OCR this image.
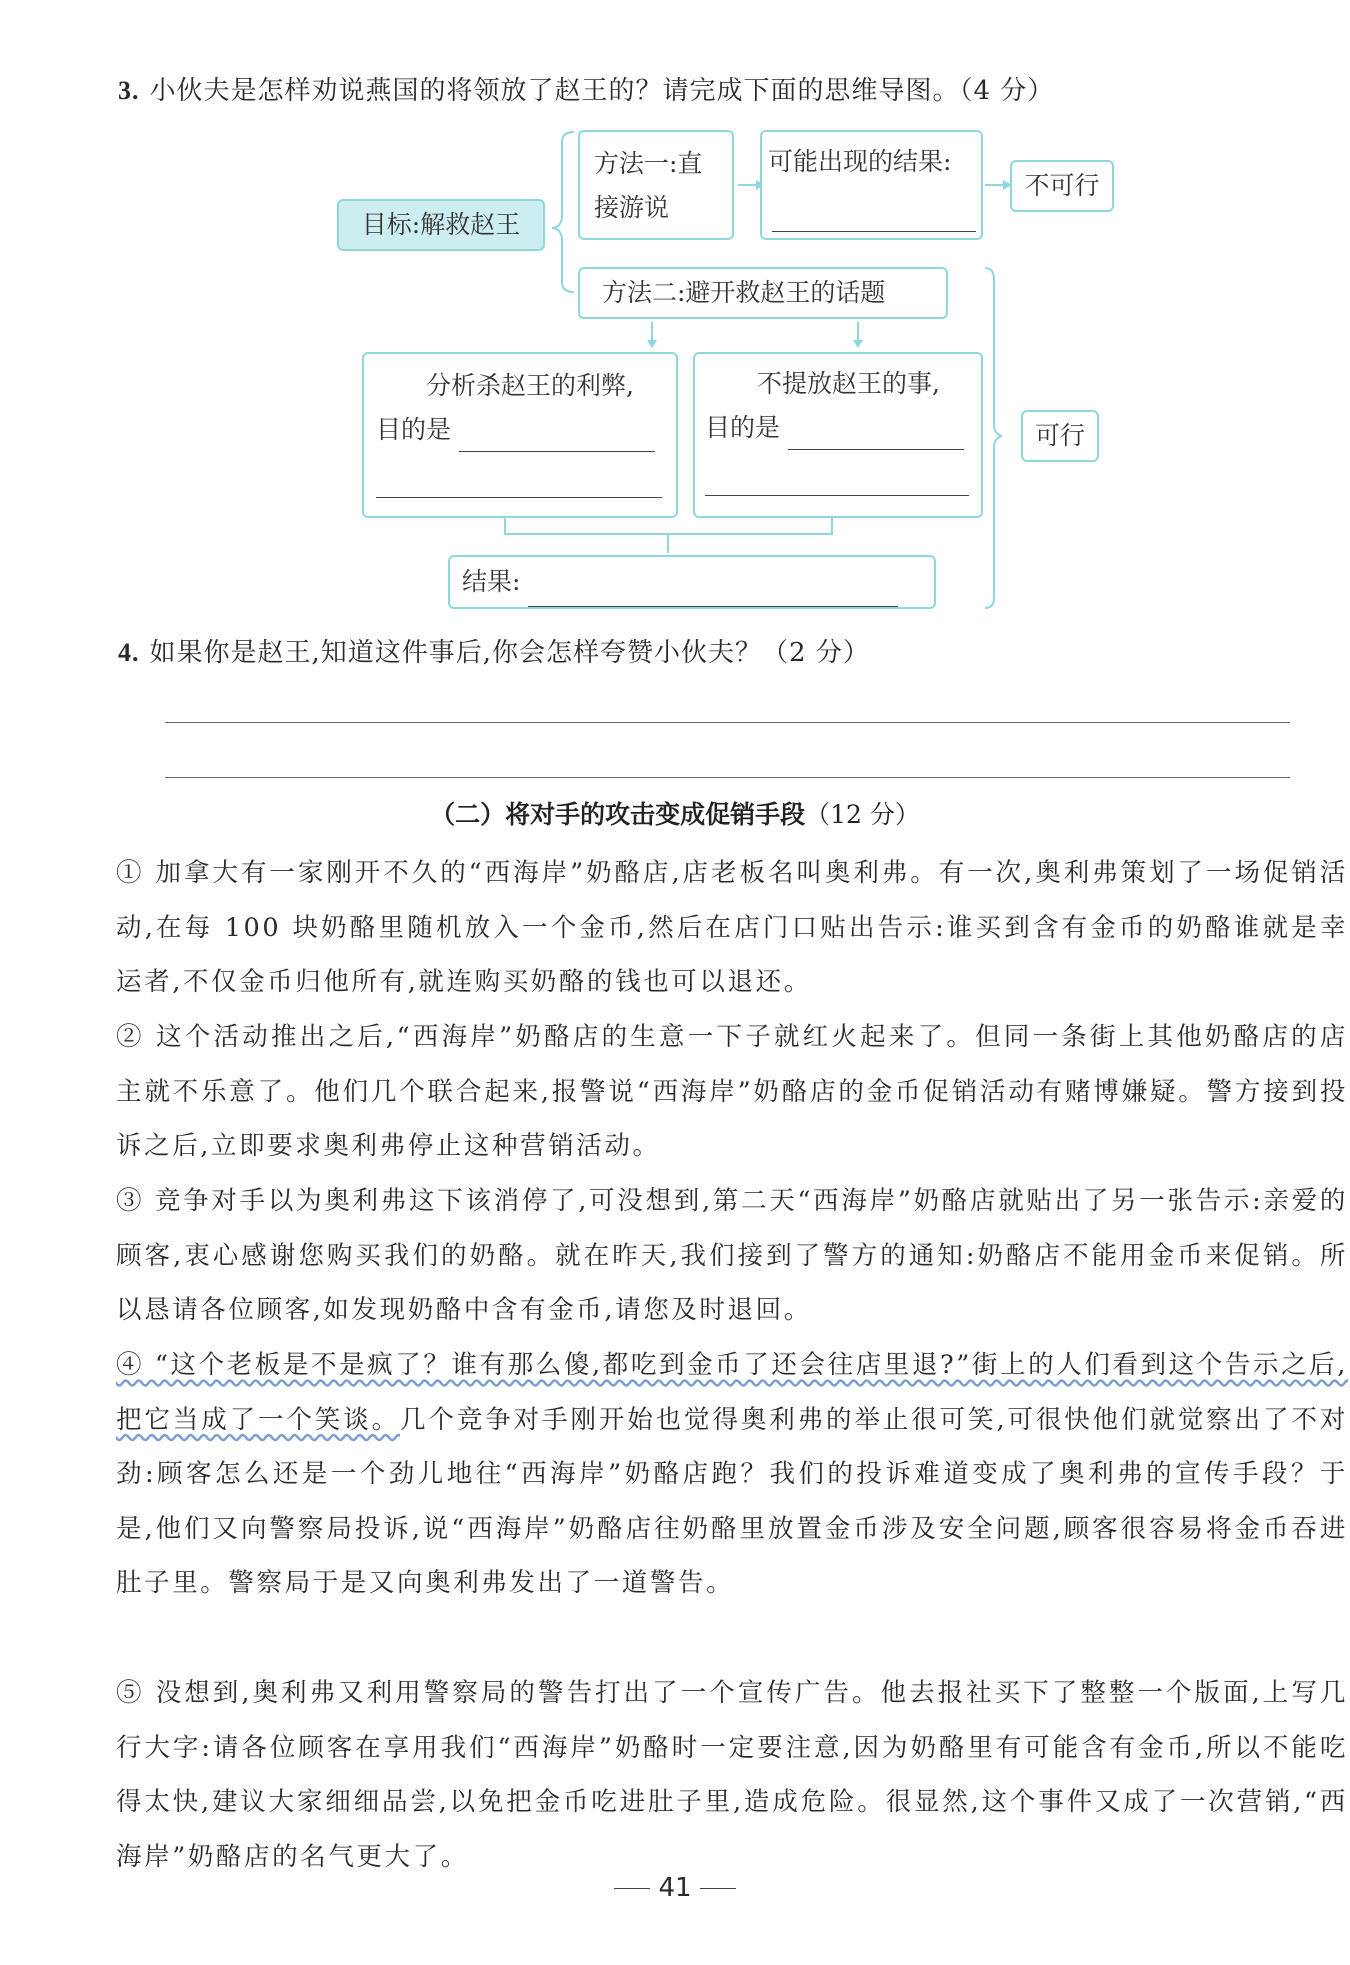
3. 小伙夫是怎样劝说燕国的将领放了赵王的？请完成下面的思维导图。（4 分）
目标:解救赵王
方法一:直
接游说
可能出现的结果:
不可行
方法二:避开救赵王的话题
分析杀赵王的利弊,
目的是
不提放赵王的事,
目的是	可行
结果:
4. 如果你是赵王,知道这件事后,你会怎样夸赞小伙夫？（2 分）
（二）将对手的攻击变成促销手段（12 分）
① 加拿大有一家刚开不久的“西海岸”奶酪店,店老板名叫奥利弗。有一次,奥利弗策划了一场促销活动,在每 100 块奶酪里随机放入一个金币,然后在店门口贴出告示:谁买到含有金币的奶酪谁就是幸运者,不仅金币归他所有,就连购买奶酪的钱也可以退还。
② 这个活动推出之后,“西海岸”奶酪店的生意一下子就红火起来了。但同一条街上其他奶酪店的店主就不乐意了。他们几个联合起来,报警说“西海岸”奶酪店的金币促销活动有赌博嫌疑。警方接到投诉之后,立即要求奥利弗停止这种营销活动。
③ 竞争对手以为奥利弗这下该消停了,可没想到,第二天“西海岸”奶酪店就贴出了另一张告示:亲爱的顾客,衷心感谢您购买我们的奶酪。就在昨天,我们接到了警方的通知:奶酪店不能用金币来促销。所以恳请各位顾客,如发现奶酪中含有金币,请您及时退回。
④ “这个老板是不是疯了？谁有那么傻,都吃到金币了还会往店里退?”街上的人们看到这个告示之后,把它当成了一个笑谈。几个竞争对手刚开始也觉得奥利弗的举止很可笑,可很快他们就觉察出了不对劲:顾客怎么还是一个劲儿地往“西海岸”奶酪店跑？我们的投诉难道变成了奥利弗的宣传手段？于是,他们又向警察局投诉,说“西海岸”奶酪店往奶酪里放置金币涉及安全问题,顾客很容易将金币吞进肚子里。警察局于是又向奥利弗发出了一道警告。
⑤ 没想到,奥利弗又利用警察局的警告打出了一个宣传广告。他去报社买下了整整一个版面,上写几行大字:请各位顾客在享用我们“西海岸”奶酪时一定要注意,因为奶酪里有可能含有金币,所以不能吃得太快,建议大家细细品尝,以免把金币吃进肚子里,造成危险。很显然,这个事件又成了一次营销,“西海岸”奶酪店的名气更大了。
41
